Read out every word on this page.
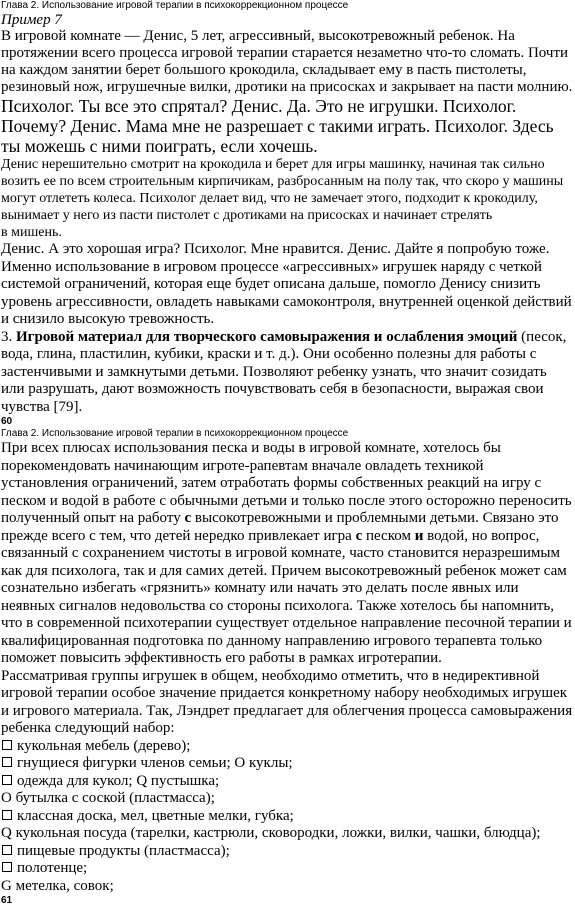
Глава 2. Использование игровой терапии в психокоррекционном процессе
Пример 7

В игровой комнате — Денис, 5 лет, агрессивный, высокотревожный ребенок. На протяжении всего процесса игровой терапии старается незаметно что-то сломать. Почти на каждом занятии берет большого крокодила, складывает ему в пасть пистолеты, резиновый нож, игрушечные вилки, дротики на присосках и закрывает на пасти молнию.

Психолог. Ты все это спрятал? Денис. Да. Это не игрушки. Психолог. Почему? Денис. Мама мне не разрешает с такими играть. Психолог. Здесь ты можешь с ними поиграть, если хочешь.

Денис нерешительно смотрит на крокодила и берет для игры машинку, начиная так сильно возить ее по всем строительным кирпичикам, разбросанным на полу так, что скоро у машины могут отлететь колеса. Психолог делает вид, что не замечает этого, подходит к крокодилу, вынимает у него из пасти пистолет с дротиками на присосках и начинает стрелять
в мишень.

Денис. А это хорошая игра? Психолог. Мне нравится. Денис. Дайте я попробую тоже. Именно использование в игровом процессе «агрессивных» игрушек наряду с четкой системой ограничений, которая еще будет описана дальше, помогло Денису снизить уровень агрессивности, овладеть навыками самоконтроля, внутренней оценкой действий и снизило высокую тревожность.

3. Игровой материал для творческого самовыражения и ослабления эмоций (песок, вода, глина, пластилин, кубики, краски и т. д.). Они особенно полезны для работы с застенчивыми и замкнутыми детьми. Позволяют ребенку узнать, что значит созидать или разрушать, дают возможность почувствовать себя в безопасности, выражая свои чувства [79].

60
Глава 2. Использование игровой терапии в психокоррекционном процессе

При всех плюсах использования песка и воды в игровой комнате, хотелось бы порекомендовать начинающим игроте-рапевтам вначале овладеть техникой установления ограничений, затем отработать формы собственных реакций на игру с песком и водой в работе с обычными детьми и только после этого осторожно переносить полученный опыт на работу с высокотревожными и проблемными детьми. Связано это прежде всего с тем, что детей нередко привлекает игра с песком и водой, но вопрос, связанный с сохранением чистоты в игровой комнате, часто становится неразрешимым как для психолога, так и для самих детей. Причем высокотревожный ребенок может сам сознательно избегать «грязнить» комнату или начать это делать после явных или неявных сигналов недовольства со стороны психолога. Также хотелось бы напомнить, что в современной психотерапии существует отдельное направление песочной терапии и квалифицированная подготовка по данному направлению игрового терапевта только поможет повысить эффективность его работы в рамках игротерапии.

Рассматривая группы игрушек в общем, необходимо отметить, что в недирективной игровой терапии особое значение придается конкретному набору необходимых игрушек и игрового материала. Так, Лэндрет предлагает для облегчения процесса самовыражения ребенка следующий набор:

кукольная мебель (дерево);
гнущиеся фигурки членов семьи; О куклы;
одежда для кукол; Q пустышка;
О бутылка с соской (пластмасса);
классная доска, мел, цветные мелки, губка;
Q кукольная посуда (тарелки, кастрюли, сковородки, ложки, вилки, чашки, блюдца);
пищевые продукты (пластмасса);
полотенце;
G метелка, совок;
61
